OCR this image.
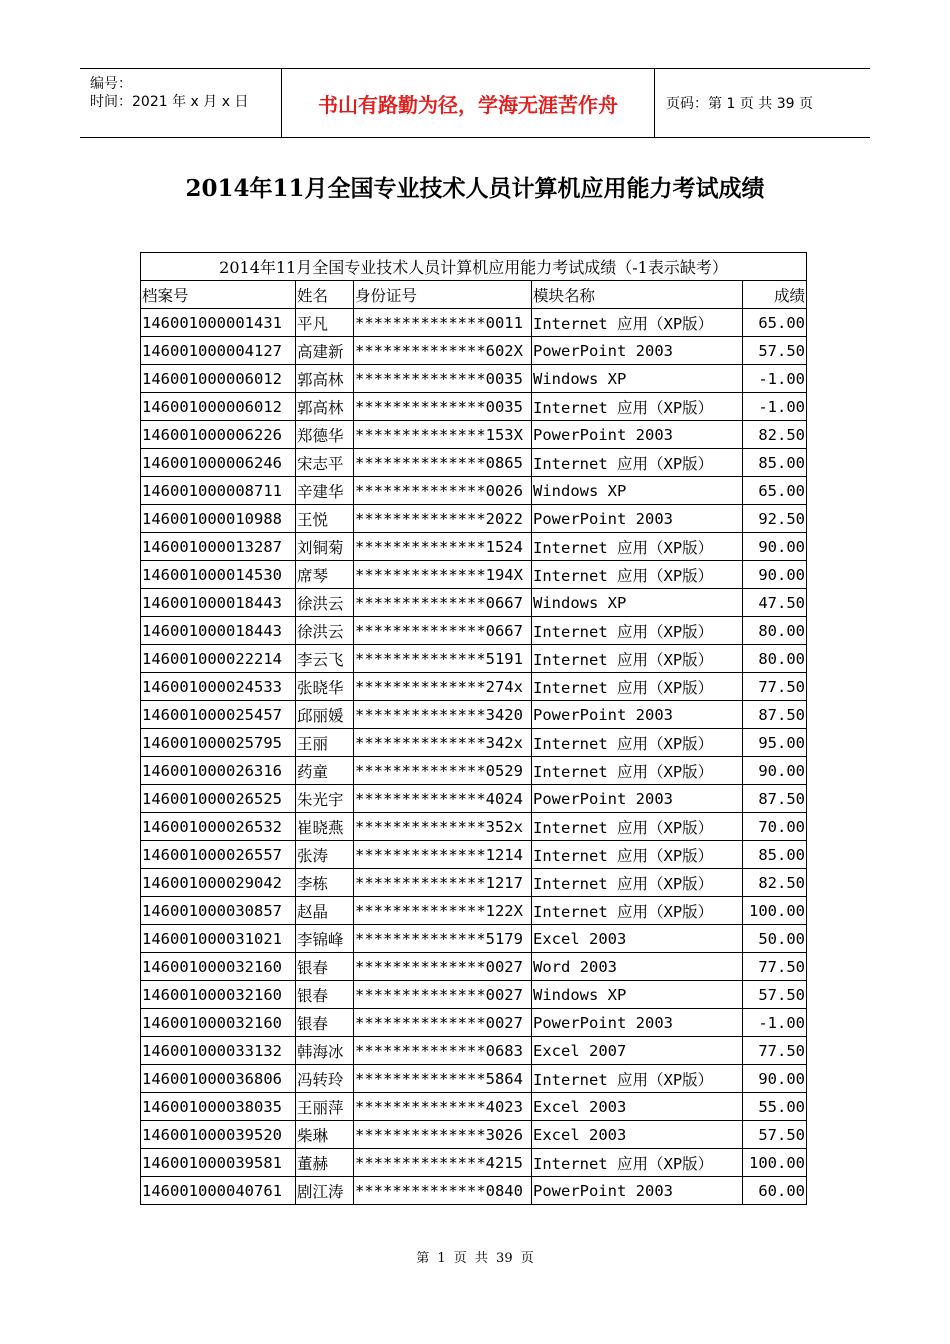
编号：
时间：2021 年 x 月 x 日	书山有路勤为径，学海无涯苦作舟	页码：第 1 页 共 39 页
2014年11月全国专业技术人员计算机应用能力考试成绩
2014年11月全国专业技术人员计算机应用能力考试成绩（-1表示缺考）				
档案号	姓名	身份证号	模块名称	成绩
146001000001431	平凡	**************0011	Internet 应用（XP版）	65.00
146001000004127	高建新	**************602X	PowerPoint 2003	57.50
146001000006012	郭高林	**************0035	Windows XP	-1.00
146001000006012	郭高林	**************0035	Internet 应用（XP版）	-1.00
146001000006226	郑德华	**************153X	PowerPoint 2003	82.50
146001000006246	宋志平	**************0865	Internet 应用（XP版）	85.00
146001000008711	辛建华	**************0026	Windows XP	65.00
146001000010988	王悦	**************2022	PowerPoint 2003	92.50
146001000013287	刘铜菊	**************1524	Internet 应用（XP版）	90.00
146001000014530	席琴	**************194X	Internet 应用（XP版）	90.00
146001000018443	徐洪云	**************0667	Windows XP	47.50
146001000018443	徐洪云	**************0667	Internet 应用（XP版）	80.00
146001000022214	李云飞	**************5191	Internet 应用（XP版）	80.00
146001000024533	张晓华	**************274x	Internet 应用（XP版）	77.50
146001000025457	邱丽媛	**************3420	PowerPoint 2003	87.50
146001000025795	王丽	**************342x	Internet 应用（XP版）	95.00
146001000026316	药童	**************0529	Internet 应用（XP版）	90.00
146001000026525	朱光宇	**************4024	PowerPoint 2003	87.50
146001000026532	崔晓燕	**************352x	Internet 应用（XP版）	70.00
146001000026557	张涛	**************1214	Internet 应用（XP版）	85.00
146001000029042	李栋	**************1217	Internet 应用（XP版）	82.50
146001000030857	赵晶	**************122X	Internet 应用（XP版）	100.00
146001000031021	李锦峰	**************5179	Excel 2003	50.00
146001000032160	银春	**************0027	Word 2003	77.50
146001000032160	银春	**************0027	Windows XP	57.50
146001000032160	银春	**************0027	PowerPoint 2003	-1.00
146001000033132	韩海冰	**************0683	Excel 2007	77.50
146001000036806	冯转玲	**************5864	Internet 应用（XP版）	90.00
146001000038035	王丽萍	**************4023	Excel 2003	55.00
146001000039520	柴琳	**************3026	Excel 2003	57.50
146001000039581	董赫	**************4215	Internet 应用（XP版）	100.00
146001000040761	剧江涛	**************0840	PowerPoint 2003	60.00
第 1 页 共 39 页
